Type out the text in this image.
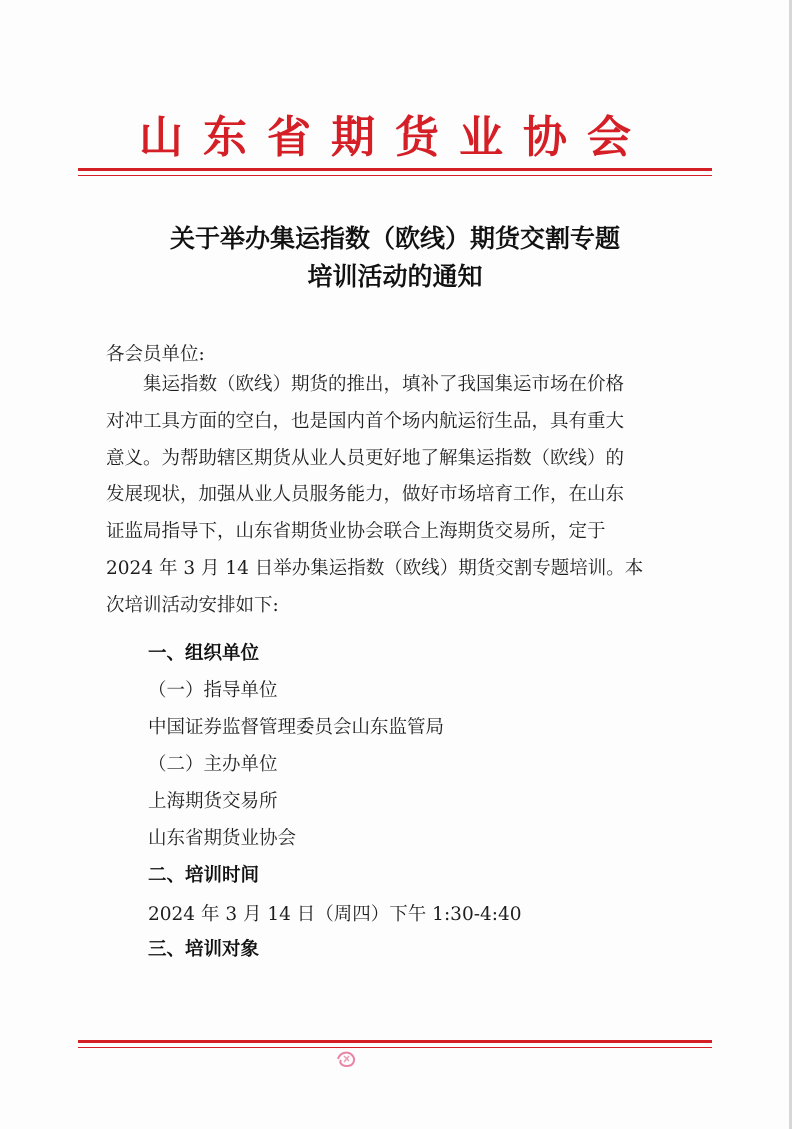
山东省期货业协会
关于举办集运指数（欧线）期货交割专题
培训活动的通知
各会员单位:
　　集运指数（欧线）期货的推出，填补了我国集运市场在价格
对冲工具方面的空白，也是国内首个场内航运衍生品，具有重大
意义。为帮助辖区期货从业人员更好地了解集运指数（欧线）的
发展现状，加强从业人员服务能力，做好市场培育工作，在山东
证监局指导下，山东省期货业协会联合上海期货交易所，定于
2024 年 3 月 14 日举办集运指数（欧线）期货交割专题培训。本
次培训活动安排如下:
一、组织单位
（一）指导单位
中国证券监督管理委员会山东监管局
（二）主办单位
上海期货交易所
山东省期货业协会
二、培训时间
2024 年 3 月 14 日（周四）下午 1:30-4:40
三、培训对象
